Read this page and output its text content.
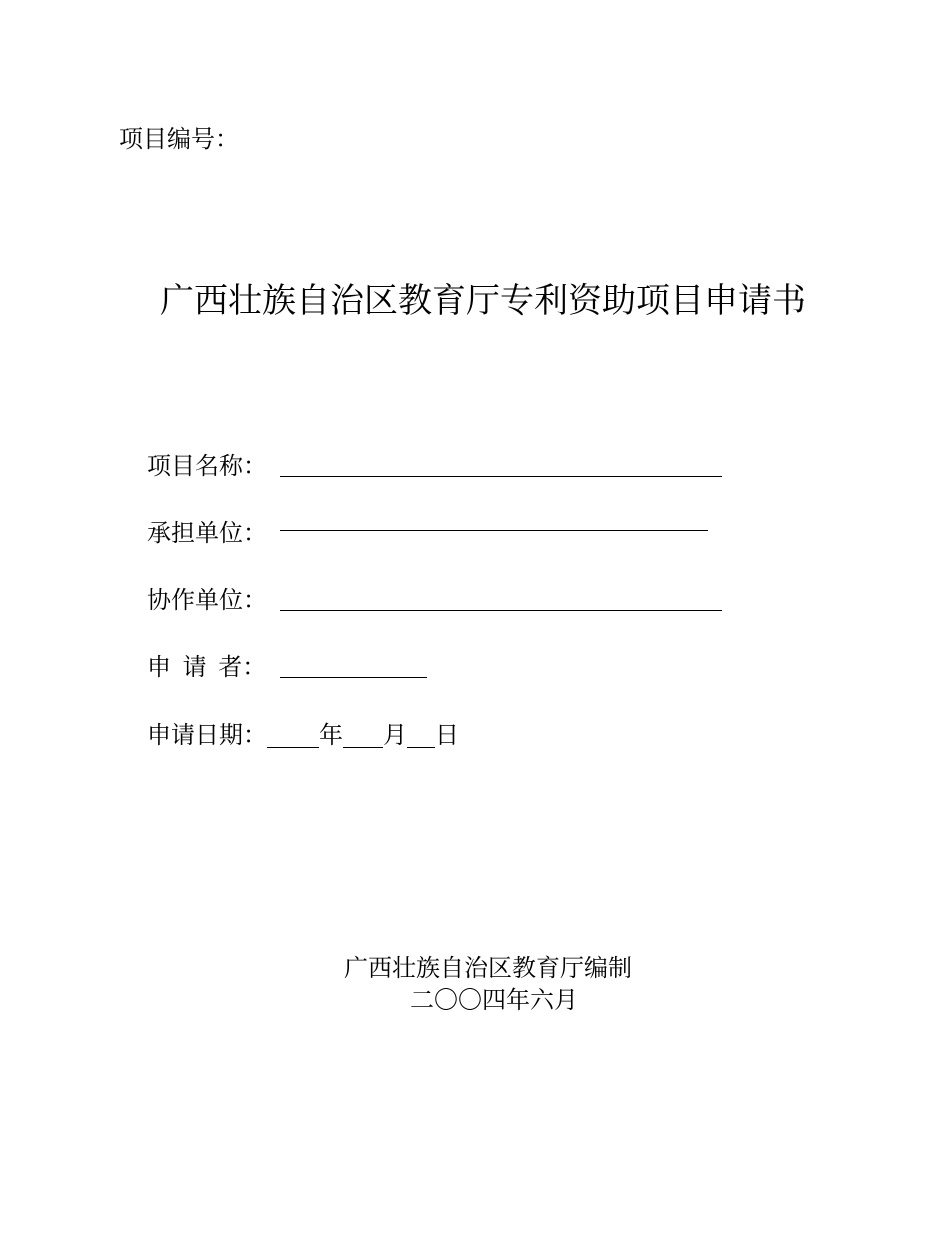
项目编号：
广西壮族自治区教育厅专利资助项目申请书
项目名称：
承担单位：
协作单位：
申 请 者：
申请日期： 年 月 日
广西壮族自治区教育厅编制
二〇〇四年六月
